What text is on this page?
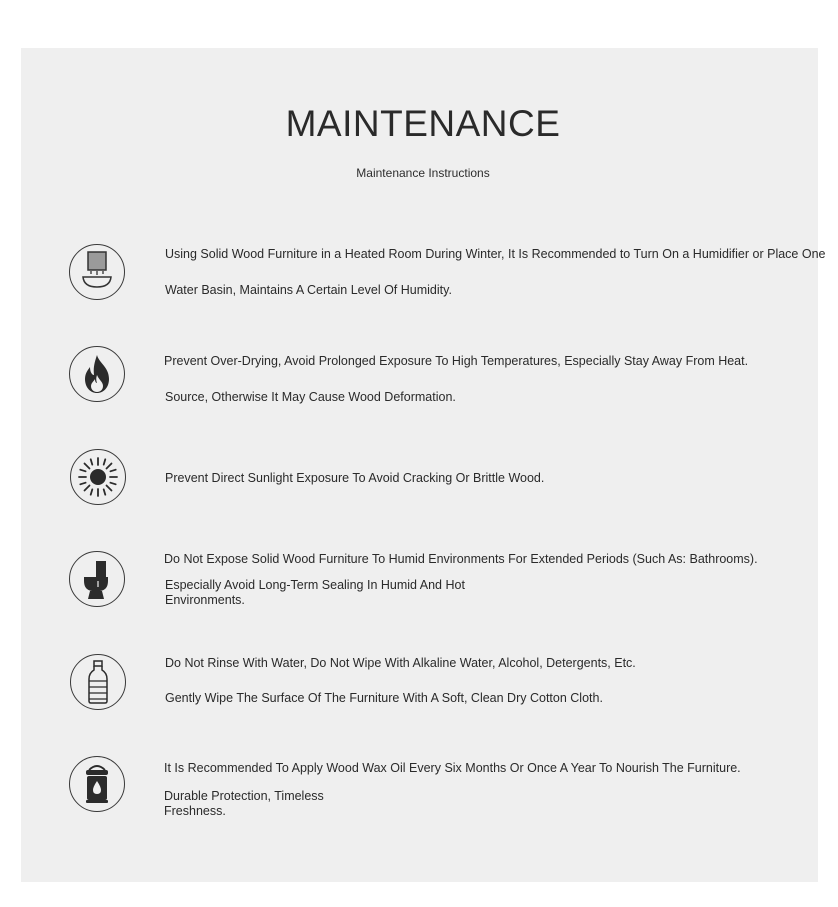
MAINTENANCE
Maintenance Instructions
Using Solid Wood Furniture in a Heated Room During Winter, It Is Recommended to Turn On a Humidifier or Place One
Water Basin, Maintains A Certain Level Of Humidity.
Prevent Over-Drying, Avoid Prolonged Exposure To High Temperatures, Especially Stay Away From Heat.
Source, Otherwise It May Cause Wood Deformation.
Prevent Direct Sunlight Exposure To Avoid Cracking Or Brittle Wood.
Do Not Expose Solid Wood Furniture To Humid Environments For Extended Periods (Such As: Bathrooms).
Especially Avoid Long-Term Sealing In Humid And Hot Environments.
Do Not Rinse With Water, Do Not Wipe With Alkaline Water, Alcohol, Detergents, Etc.
Gently Wipe The Surface Of The Furniture With A Soft, Clean Dry Cotton Cloth.
It Is Recommended To Apply Wood Wax Oil Every Six Months Or Once A Year To Nourish The Furniture.
Durable Protection, Timeless Freshness.
